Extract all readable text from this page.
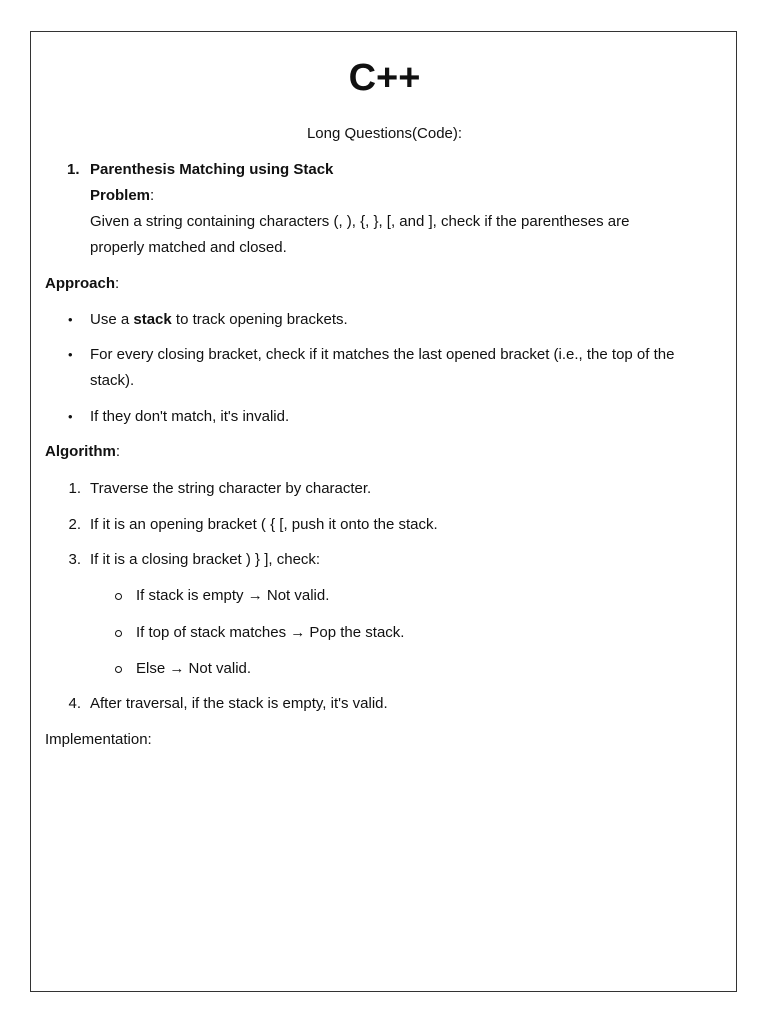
C++
Long Questions(Code):
1. Parenthesis Matching using Stack
Problem:
Given a string containing characters (, ), {, }, [, and ], check if the parentheses are
properly matched and closed.
Approach:
• Use a stack to track opening brackets.
• For every closing bracket, check if it matches the last opened bracket (i.e., the top of the
stack).
• If they don't match, it's invalid.
Algorithm:
1. Traverse the string character by character.
2. If it is an opening bracket ( { [, push it onto the stack.
3. If it is a closing bracket ) } ], check:
If stack is empty → Not valid.
If top of stack matches → Pop the stack.
Else → Not valid.
4. After traversal, if the stack is empty, it's valid.
Implementation:
